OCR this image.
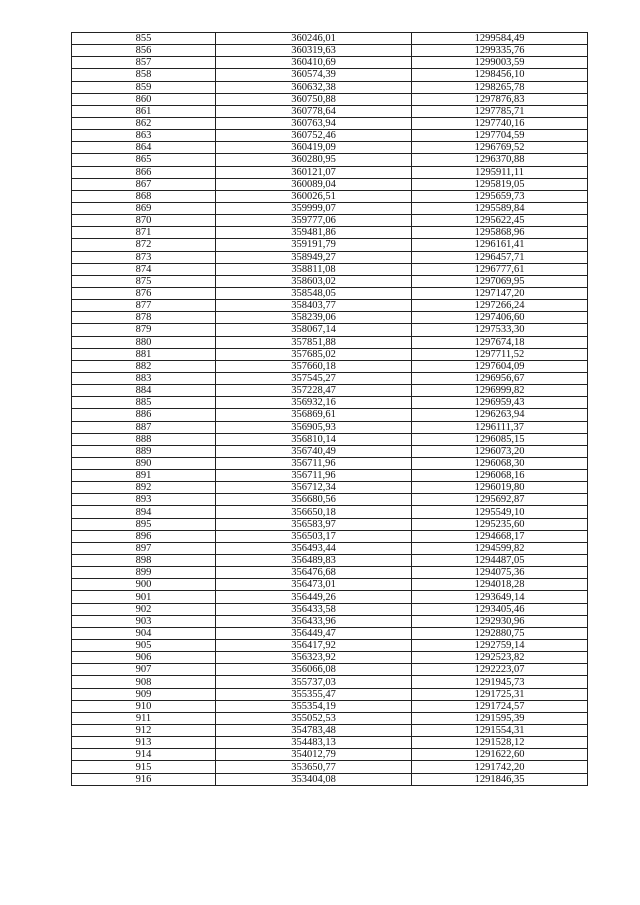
855	360246,01	1299584,49
856	360319,63	1299335,76
857	360410,69	1299003,59
858	360574,39	1298456,10
859	360632,38	1298265,78
860	360750,88	1297876,83
861	360778,64	1297785,71
862	360763,94	1297740,16
863	360752,46	1297704,59
864	360419,09	1296769,52
865	360280,95	1296370,88
866	360121,07	1295911,11
867	360089,04	1295819,05
868	360026,51	1295659,73
869	359999,07	1295589,84
870	359777,06	1295622,45
871	359481,86	1295868,96
872	359191,79	1296161,41
873	358949,27	1296457,71
874	358811,08	1296777,61
875	358603,02	1297069,95
876	358548,05	1297147,20
877	358403,77	1297266,24
878	358239,06	1297406,60
879	358067,14	1297533,30
880	357851,88	1297674,18
881	357685,02	1297711,52
882	357660,18	1297604,09
883	357545,27	1296956,67
884	357228,47	1296999,82
885	356932,16	1296959,43
886	356869,61	1296263,94
887	356905,93	1296111,37
888	356810,14	1296085,15
889	356740,49	1296073,20
890	356711,96	1296068,30
891	356711,96	1296068,16
892	356712,34	1296019,80
893	356680,56	1295692,87
894	356650,18	1295549,10
895	356583,97	1295235,60
896	356503,17	1294668,17
897	356493,44	1294599,82
898	356489,83	1294487,05
899	356476,68	1294075,36
900	356473,01	1294018,28
901	356449,26	1293649,14
902	356433,58	1293405,46
903	356433,96	1292930,96
904	356449,47	1292880,75
905	356417,92	1292759,14
906	356323,92	1292523,82
907	356066,08	1292223,07
908	355737,03	1291945,73
909	355355,47	1291725,31
910	355354,19	1291724,57
911	355052,53	1291595,39
912	354783,48	1291554,31
913	354483,13	1291528,12
914	354012,79	1291622,60
915	353650,77	1291742,20
916	353404,08	1291846,35
